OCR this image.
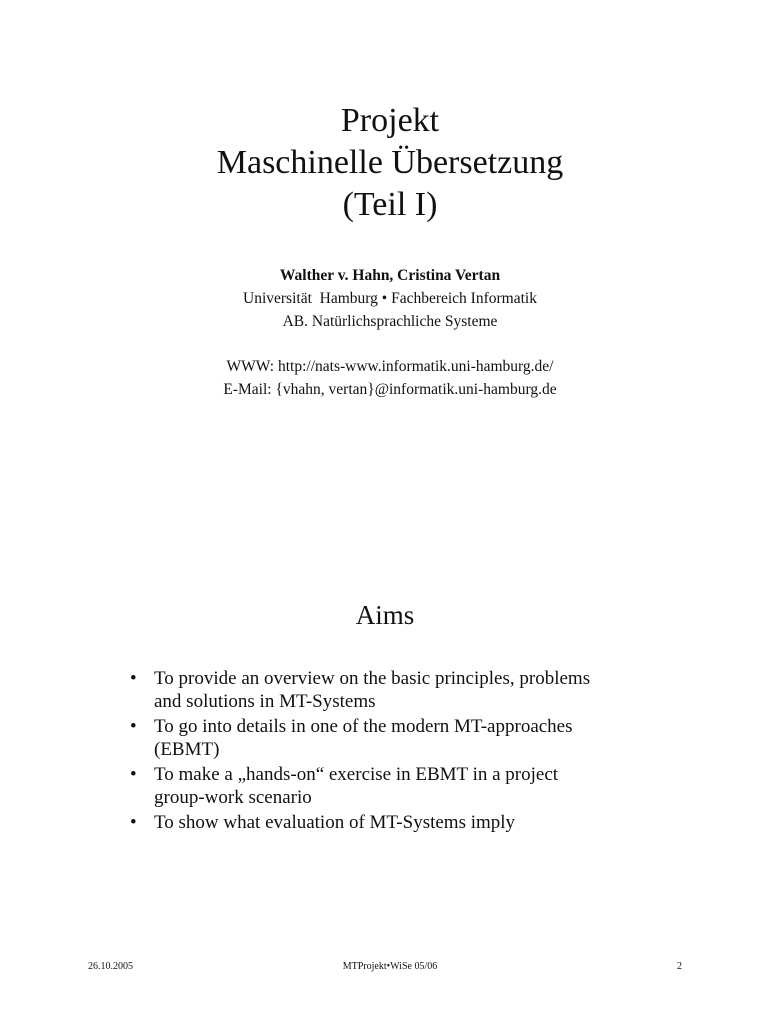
Projekt

Maschinelle Übersetzung

(Teil I)

Walther v. Hahn, Cristina Vertan
Universität  Hamburg • Fachbereich Informatik
AB. Natürlichsprachliche Systeme
WWW: http://nats-www.informatik.uni-hamburg.de/
E-Mail: {vhahn, vertan}@informatik.uni-hamburg.de
Aims
• To provide an overview on the basic principles, problems
and solutions in MT-Systems
• To go into details in one of the modern MT-approaches
(EBMT)
• To make a „hands-on“ exercise in EBMT in a project
group-work scenario
• To show what evaluation of MT-Systems imply
26.10.2005	MTProjekt•WiSe 05/06	2
